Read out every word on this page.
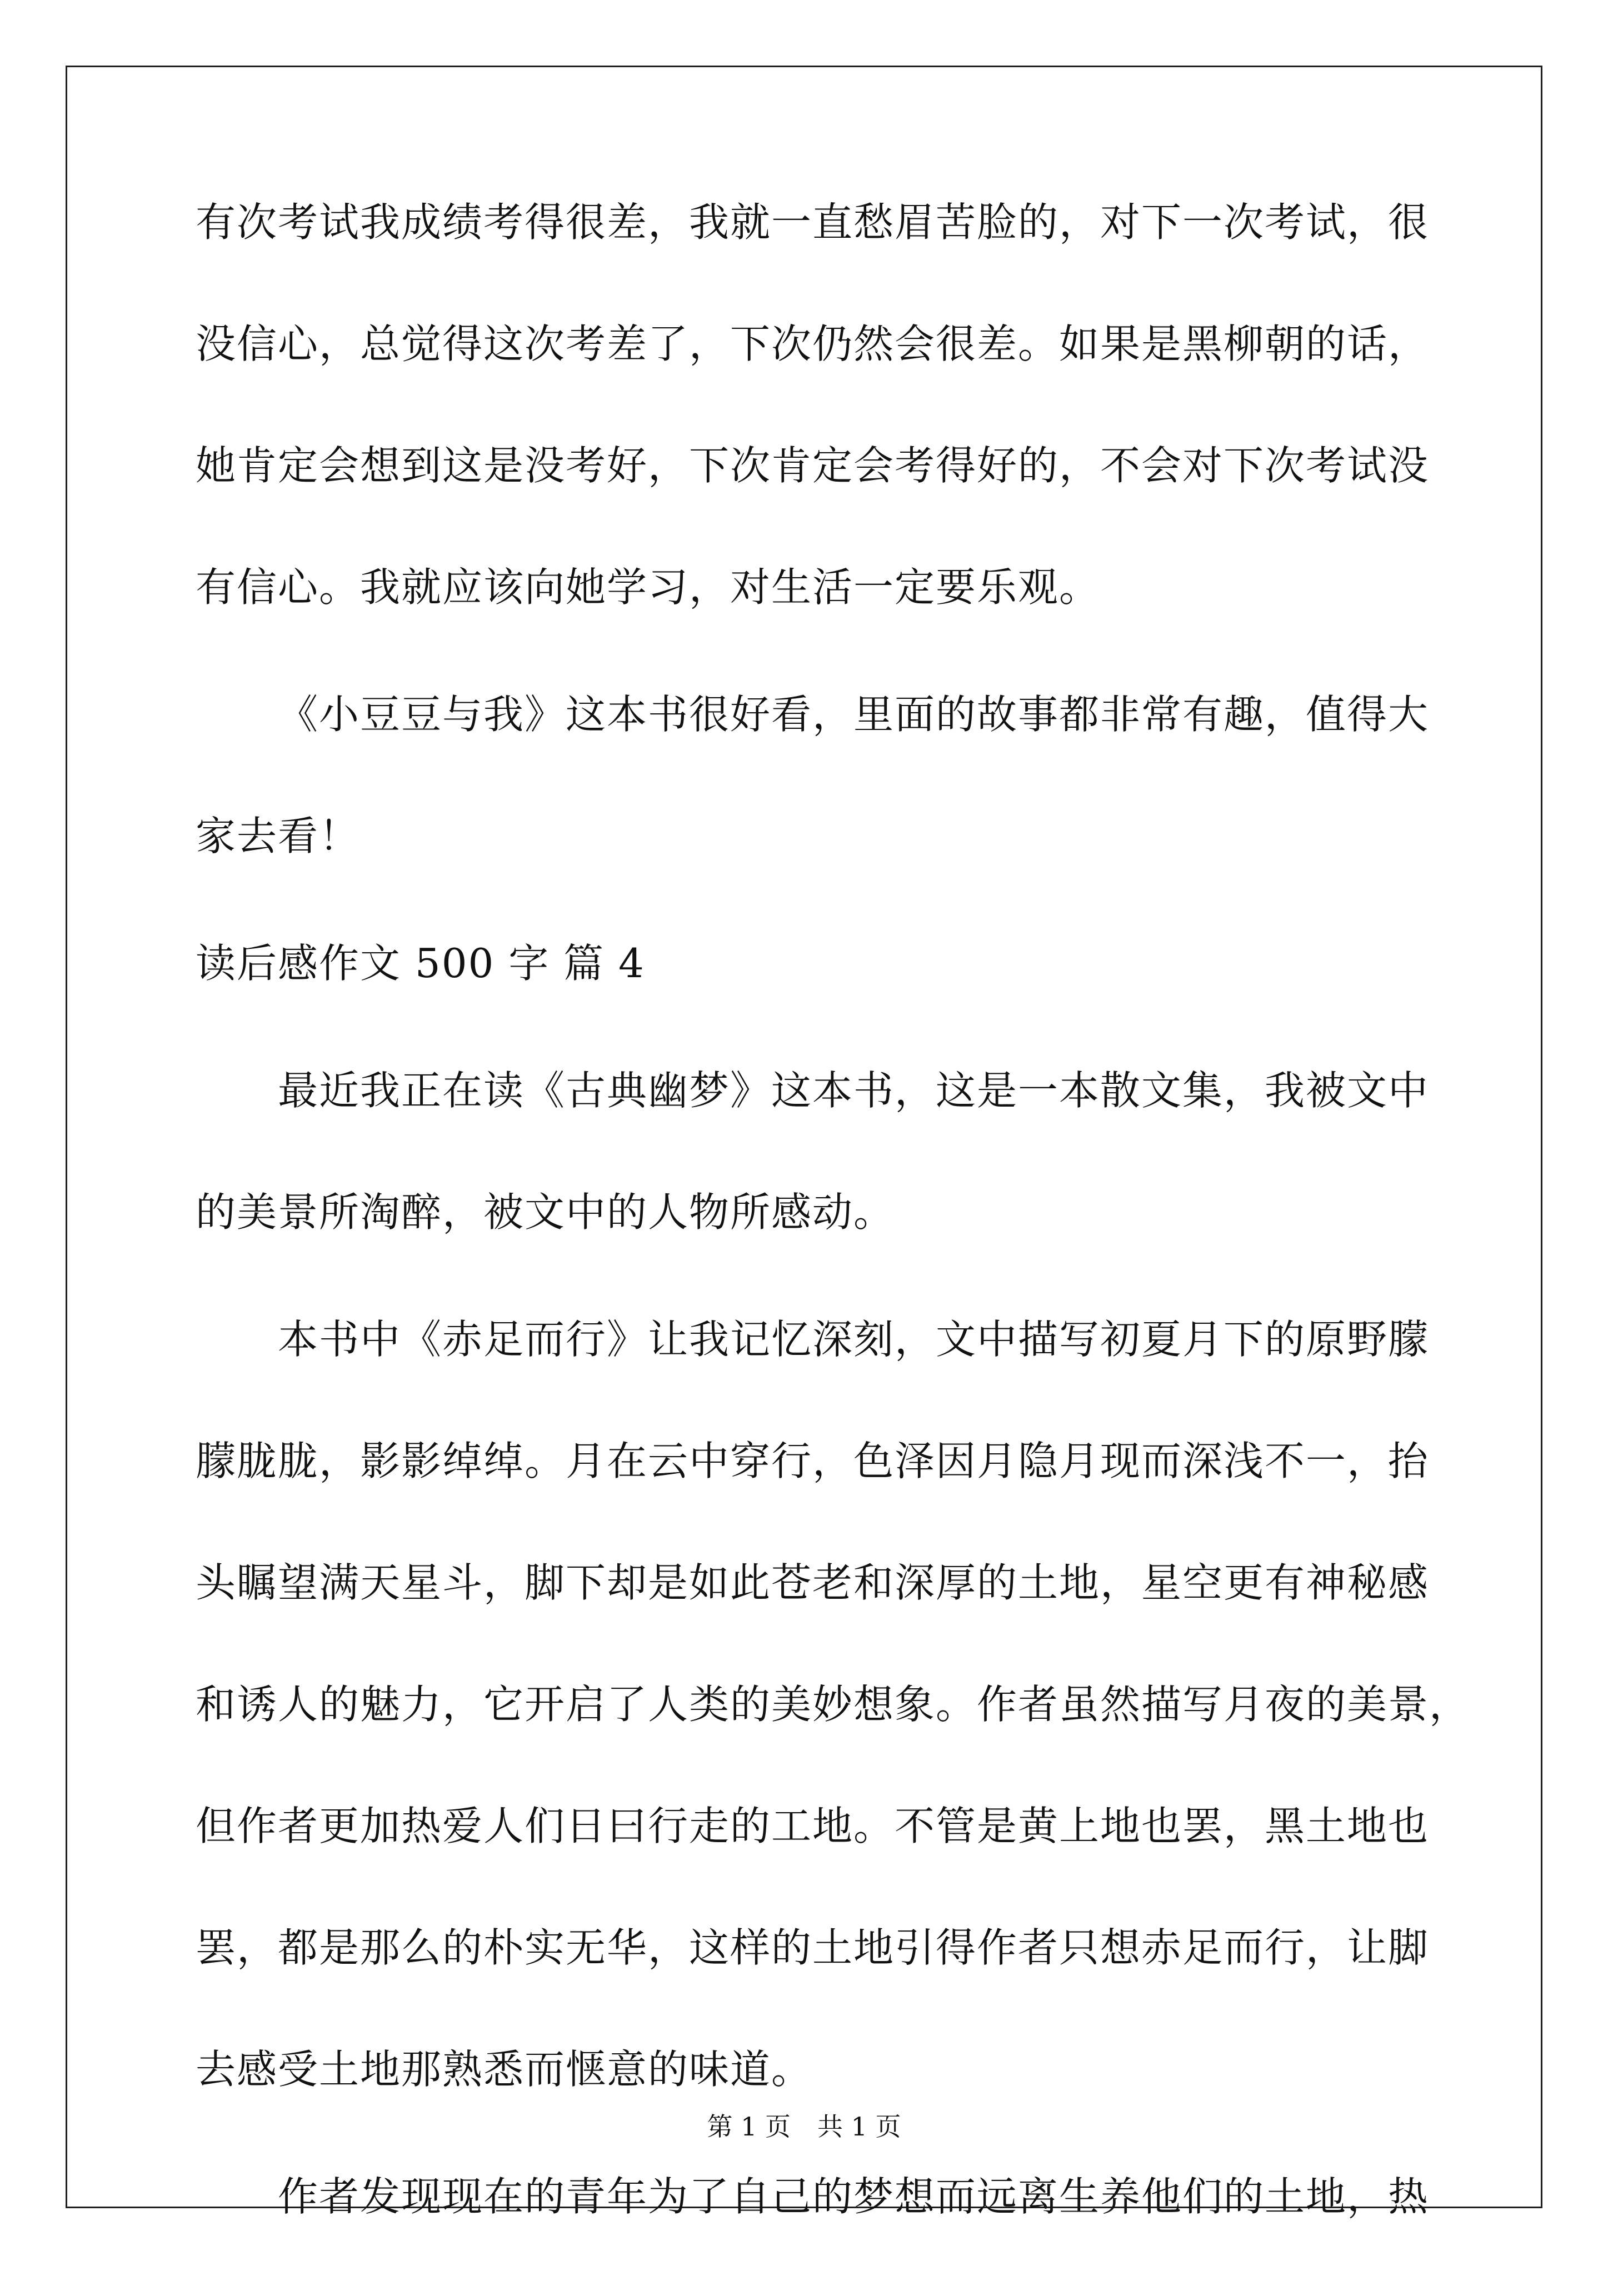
有次考试我成绩考得很差，我就一直愁眉苦脸的，对下一次考试，很
没信心，总觉得这次考差了，下次仍然会很差。如果是黑柳朝的话，
她肯定会想到这是没考好，下次肯定会考得好的，不会对下次考试没
有信心。我就应该向她学习，对生活一定要乐观。
《小豆豆与我》这本书很好看，里面的故事都非常有趣，值得大
家去看！
读后感作文 500 字 篇 4
最近我正在读《古典幽梦》这本书，这是一本散文集，我被文中
的美景所淘醉，被文中的人物所感动。
本书中《赤足而行》让我记忆深刻，文中描写初夏月下的原野朦
朦胧胧，影影绰绰。月在云中穿行，色泽因月隐月现而深浅不一，抬
头瞩望满天星斗，脚下却是如此苍老和深厚的土地，星空更有神秘感
和诱人的魅力，它开启了人类的美妙想象。作者虽然描写月夜的美景，
但作者更加热爱人们日曰行走的工地。不管是黄上地也罢，黑土地也
罢，都是那么的朴实无华，这样的土地引得作者只想赤足而行，让脚
去感受土地那熟悉而惬意的味道。
作者发现现在的青年为了自己的梦想而远离生养他们的土地，热
第 1 页 共 1 页
